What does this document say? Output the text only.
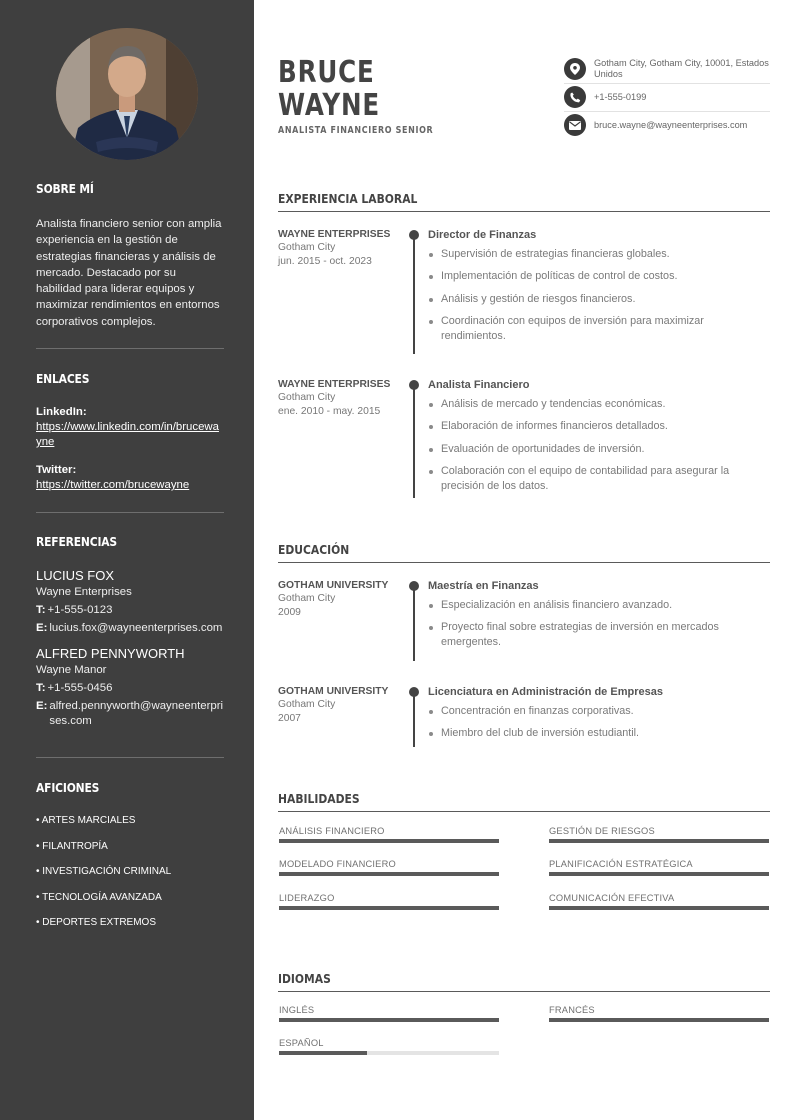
SOBRE MÍ
Analista financiero senior con amplia experiencia en la gestión de estrategias financieras y análisis de mercado. Destacado por su habilidad para liderar equipos y maximizar rendimientos en entornos corporativos complejos.
ENLACES
LinkedIn:
https://www.linkedin.com/in/brucewayne
Twitter:
https://twitter.com/brucewayne
REFERENCIAS
LUCIUS FOX
Wayne Enterprises
T: +1-555-0123
E: lucius.fox@wayneenterprises.com
ALFRED PENNYWORTH
Wayne Manor
T: +1-555-0456
E: alfred.pennyworth@wayneenterprises.com
AFICIONES
• ARTES MARCIALES
• FILANTROPÍA
• INVESTIGACIÓN CRIMINAL
• TECNOLOGÍA AVANZADA
• DEPORTES EXTREMOS
BRUCE
WAYNE
ANALISTA FINANCIERO SENIOR
Gotham City, Gotham City, 10001, Estados Unidos
+1-555-0199
bruce.wayne@wayneenterprises.com
EXPERIENCIA LABORAL
WAYNE ENTERPRISES
Gotham City
jun. 2015 - oct. 2023
Director de Finanzas
Supervisión de estrategias financieras globales.
Implementación de políticas de control de costos.
Análisis y gestión de riesgos financieros.
Coordinación con equipos de inversión para maximizar rendimientos.
WAYNE ENTERPRISES
Gotham City
ene. 2010 - may. 2015
Analista Financiero
Análisis de mercado y tendencias económicas.
Elaboración de informes financieros detallados.
Evaluación de oportunidades de inversión.
Colaboración con el equipo de contabilidad para asegurar la precisión de los datos.
EDUCACIÓN
GOTHAM UNIVERSITY
Gotham City
2009
Maestría en Finanzas
Especialización en análisis financiero avanzado.
Proyecto final sobre estrategias de inversión en mercados emergentes.
GOTHAM UNIVERSITY
Gotham City
2007
Licenciatura en Administración de Empresas
Concentración en finanzas corporativas.
Miembro del club de inversión estudiantil.
HABILIDADES
ANÁLISIS FINANCIERO	GESTIÓN DE RIESGOS
MODELADO FINANCIERO	PLANIFICACIÓN ESTRATÉGICA
LIDERAZGO	COMUNICACIÓN EFECTIVA
IDIOMAS
INGLÉS	FRANCÉS
ESPAÑOL
